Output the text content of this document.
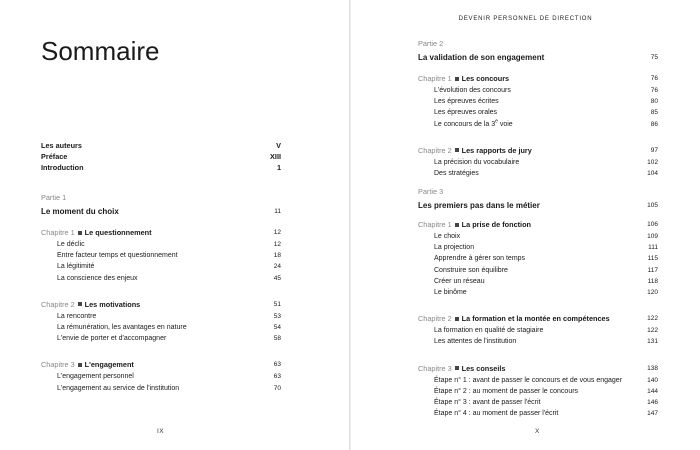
Sommaire
Les auteurs	V
Préface	XIII
Introduction	1
Partie 1
Le moment du choix	11
Chapitre 1 Le questionnement	12
Le déclic	12
Entre facteur temps et questionnement	18
La légitimité	24
La conscience des enjeux	45
Chapitre 2 Les motivations	51
La rencontre	53
La rémunération, les avantages en nature	54
L'envie de porter et d'accompagner	58
Chapitre 3 L'engagement	63
L'engagement personnel	63
L'engagement au service de l'institution	70
IX
DEVENIR PERSONNEL DE DIRECTION
Partie 2
La validation de son engagement	75
Chapitre 1 Les concours	76
L'évolution des concours	76
Les épreuves écrites	80
Les épreuves orales	85
Le concours de la 3e voie	86
Chapitre 2 Les rapports de jury	97
La précision du vocabulaire	102
Des stratégies	104
Partie 3
Les premiers pas dans le métier	105
Chapitre 1 La prise de fonction	106
Le choix	109
La projection	111
Apprendre à gérer son temps	115
Construire son équilibre	117
Créer un réseau	118
Le binôme	120
Chapitre 2 La formation et la montée en compétences	122
La formation en qualité de stagiaire	122
Les attentes de l'institution	131
Chapitre 3 Les conseils	138
Étape n° 1 : avant de passer le concours et de vous engager	140
Étape n° 2 : au moment de passer le concours	144
Étape n° 3 : avant de passer l'écrit	146
Étape n° 4 : au moment de passer l'écrit	147
X
